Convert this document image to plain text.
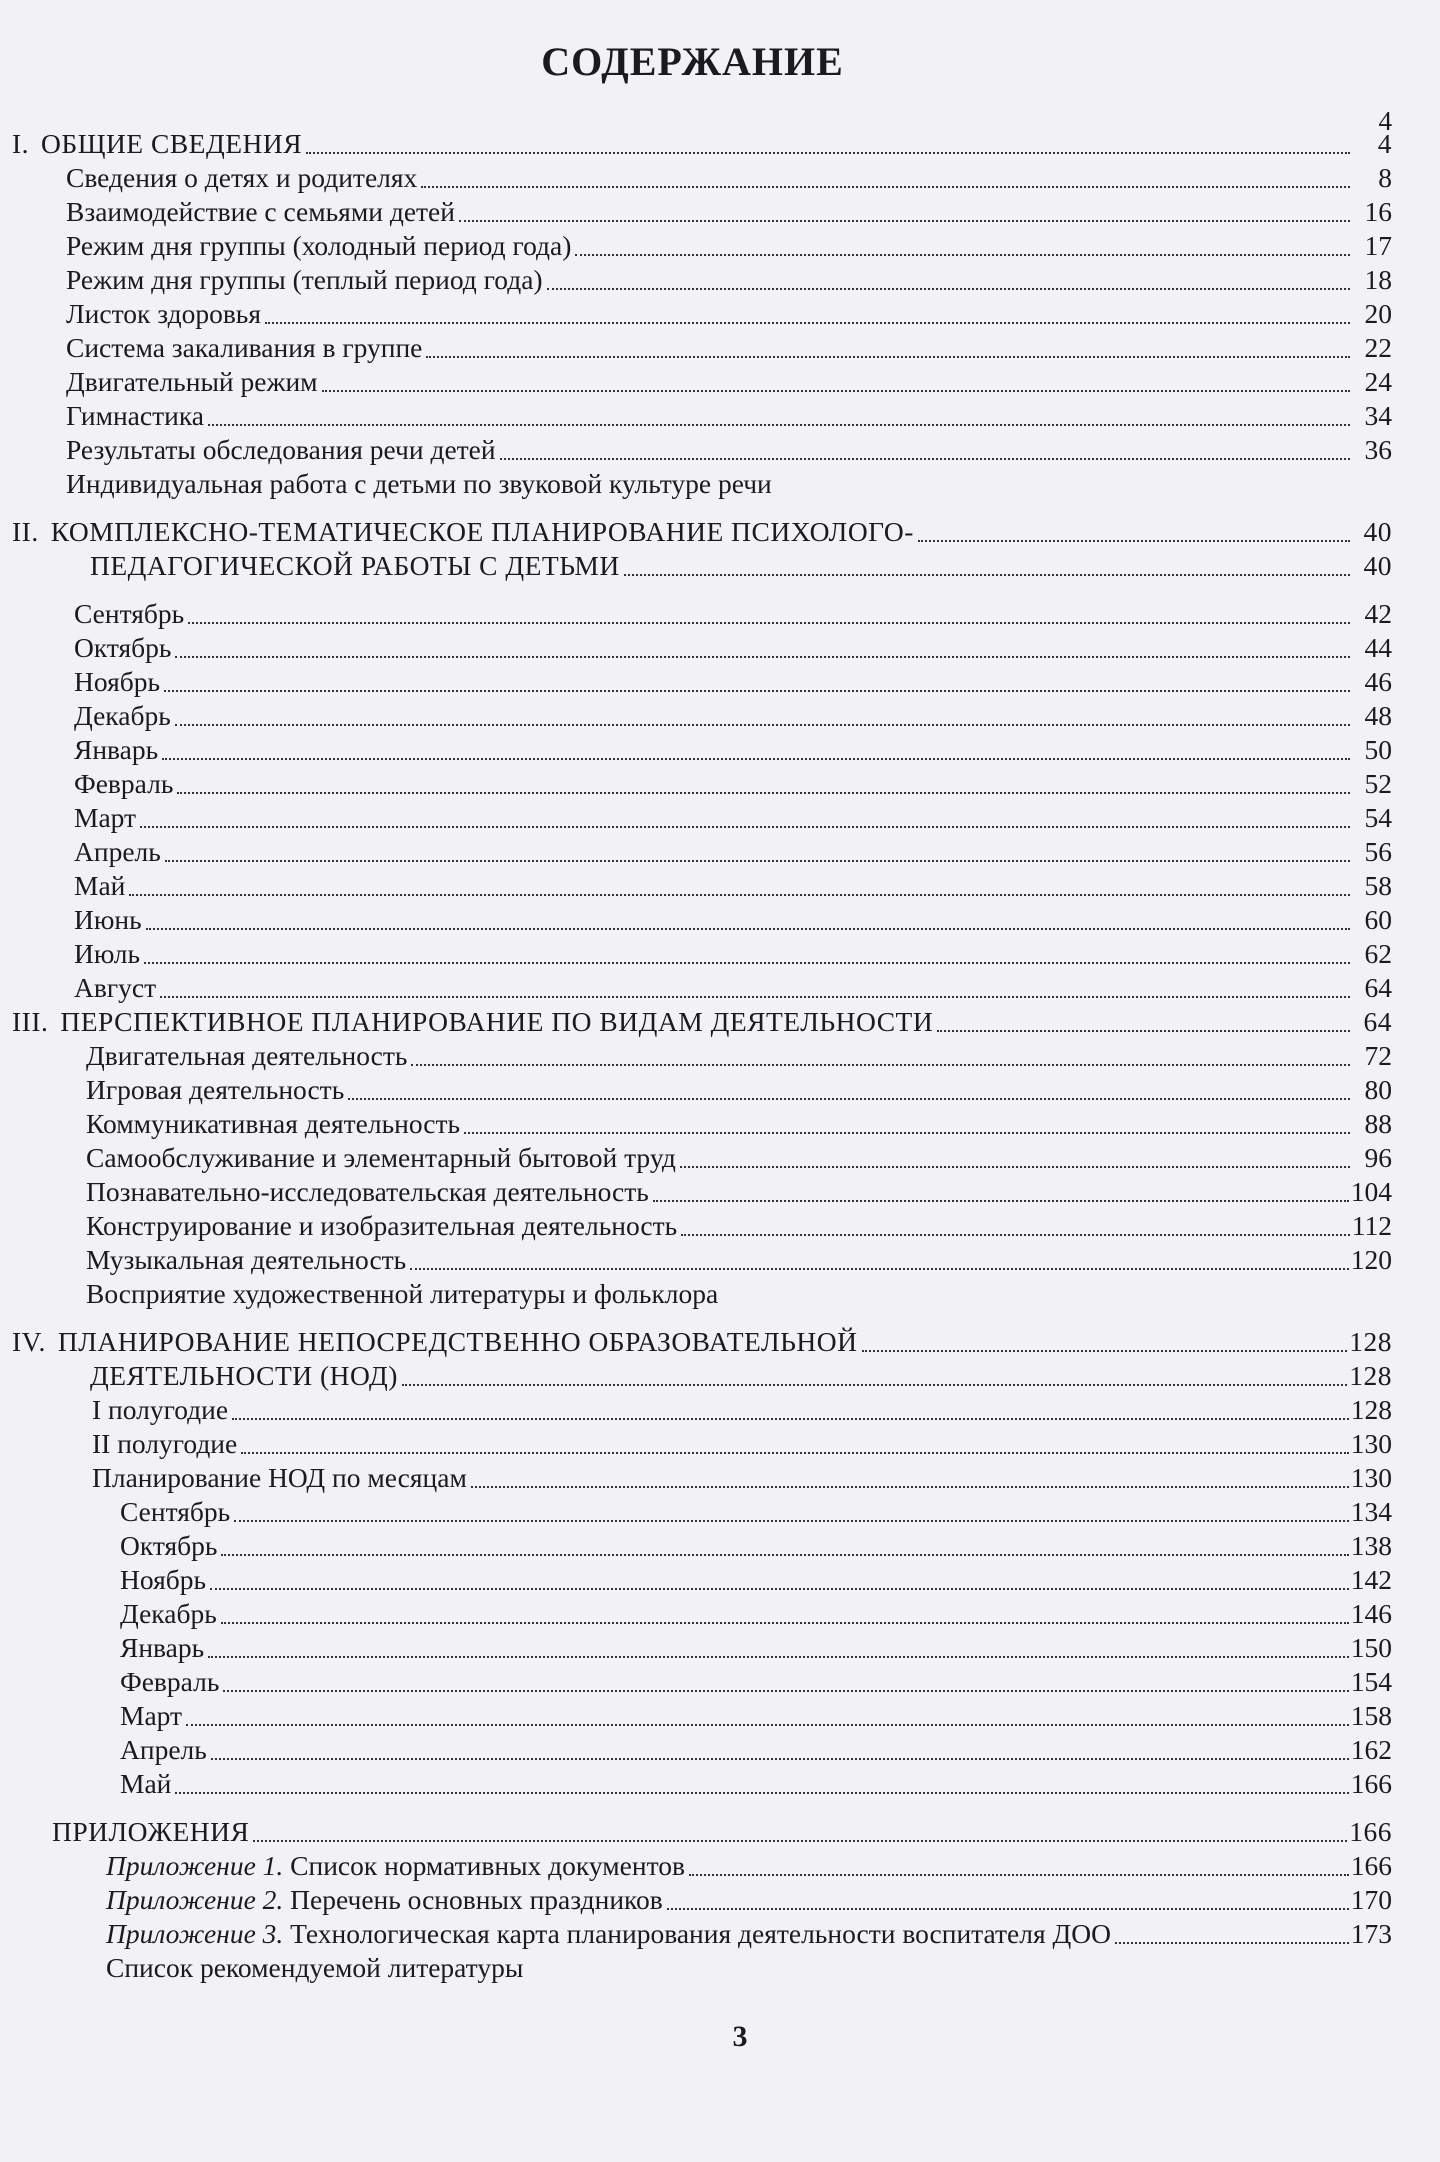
СОДЕРЖАНИЕ
4
I. ОБЩИЕ СВЕДЕНИЯ	4
Сведения о детях и родителях	8
Взаимодействие с семьями детей	16
Режим дня группы (холодный период года)	17
Режим дня группы (теплый период года)	18
Листок здоровья	20
Система закаливания в группе	22
Двигательный режим	24
Гимнастика	34
Результаты обследования речи детей	36
Индивидуальная работа с детьми по звуковой культуре речи
II. КОМПЛЕКСНО-ТЕМАТИЧЕСКОЕ ПЛАНИРОВАНИЕ ПСИХОЛОГО-	40
ПЕДАГОГИЧЕСКОЙ РАБОТЫ С ДЕТЬМИ	40
Сентябрь	42
Октябрь	44
Ноябрь	46
Декабрь	48
Январь	50
Февраль	52
Март	54
Апрель	56
Май	58
Июнь	60
Июль	62
Август	64
III. ПЕРСПЕКТИВНОЕ ПЛАНИРОВАНИЕ ПО ВИДАМ ДЕЯТЕЛЬНОСТИ	64
Двигательная деятельность	72
Игровая деятельность	80
Коммуникативная деятельность	88
Самообслуживание и элементарный бытовой труд	96
Познавательно-исследовательская деятельность	104
Конструирование и изобразительная деятельность	112
Музыкальная деятельность	120
Восприятие художественной литературы и фольклора
IV. ПЛАНИРОВАНИЕ НЕПОСРЕДСТВЕННО ОБРАЗОВАТЕЛЬНОЙ	128
ДЕЯТЕЛЬНОСТИ (НОД)	128
I полугодие	128
II полугодие	130
Планирование НОД по месяцам	130
Сентябрь	134
Октябрь	138
Ноябрь	142
Декабрь	146
Январь	150
Февраль	154
Март	158
Апрель	162
Май	166
ПРИЛОЖЕНИЯ	166
Приложение 1. Список нормативных документов	166
Приложение 2. Перечень основных праздников	170
Приложение 3. Технологическая карта планирования деятельности воспитателя ДОО	173
Список рекомендуемой литературы
3
